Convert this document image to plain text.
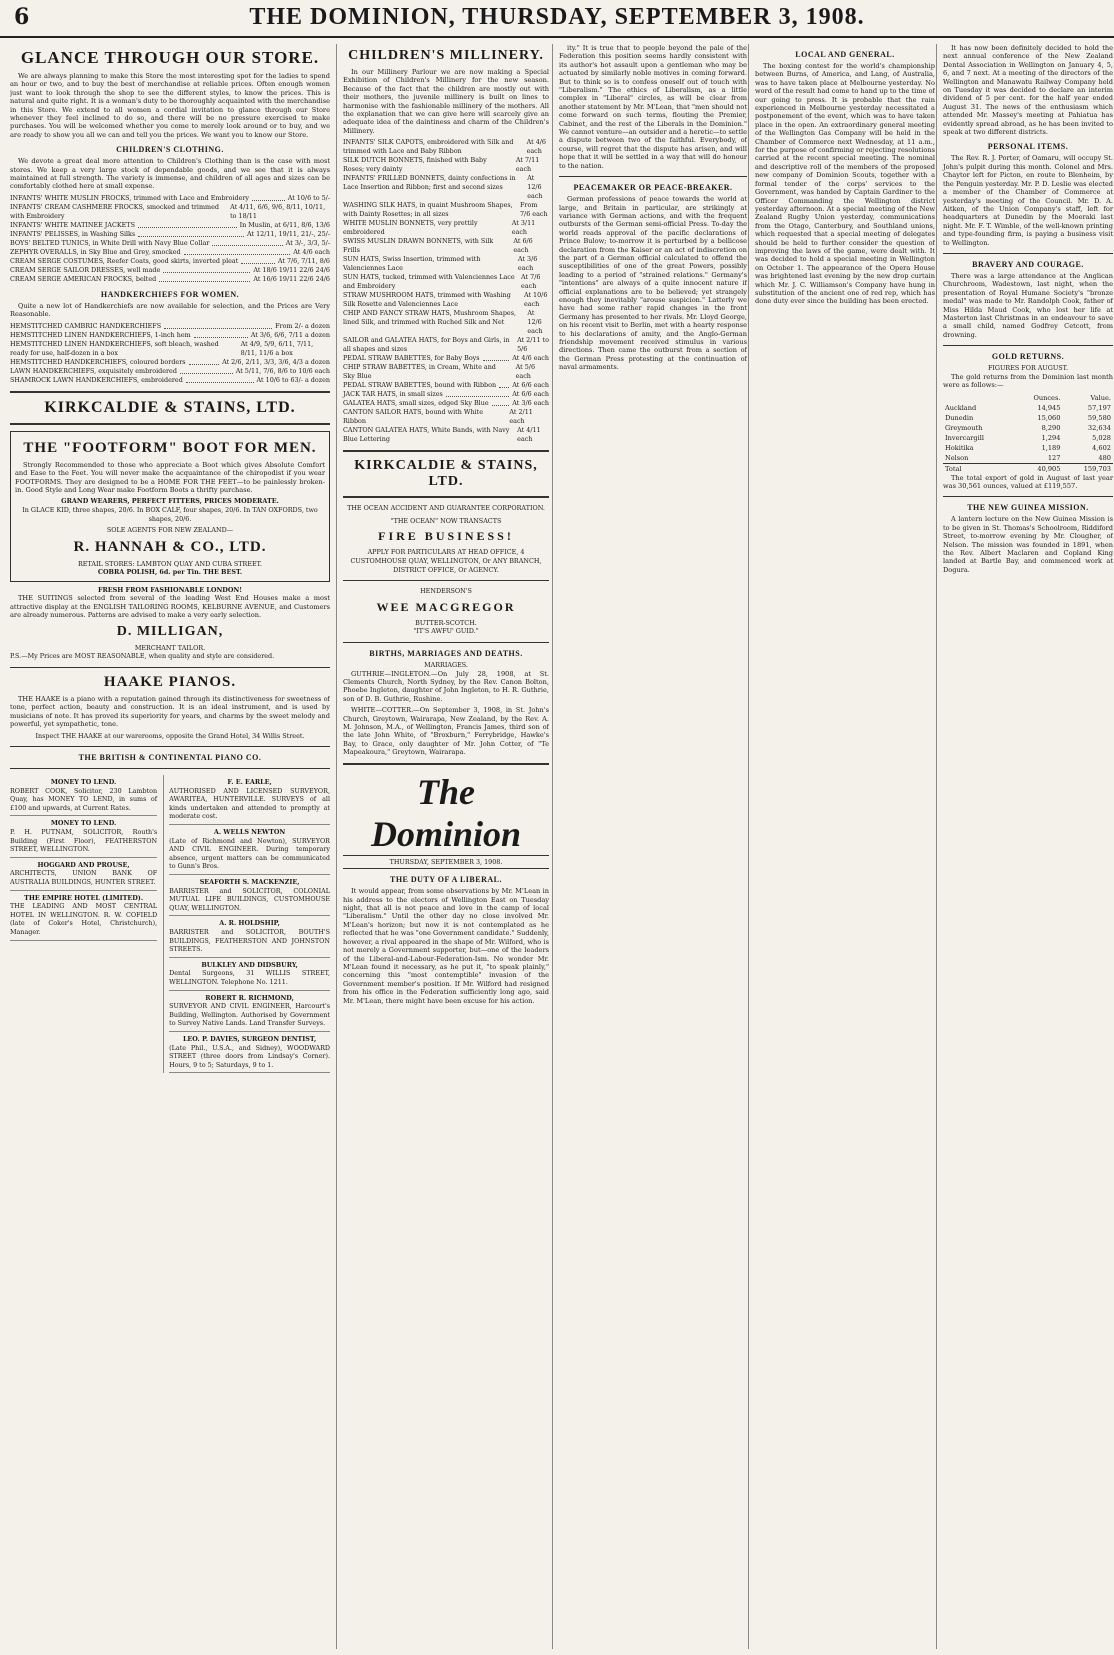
6	THE DOMINION, THURSDAY, SEPTEMBER 3, 1908.
GLANCE THROUGH OUR STORE.

We are always planning to make this Store the most interesting spot for the ladies to spend an hour or two, and to buy the best of merchandise at reliable prices. Often enough women just want to look through the shop to see the different styles, to know the prices. This is natural and quite right. It is a woman's duty to be thoroughly acquainted with the merchandise in this Store. We extend to all women a cordial invitation to glance through our Store whenever they feel inclined to do so, and there will be no pressure exercised to make purchases. You will be welcomed whether you come to merely look around or to buy, and we are ready to show you all we can and tell you the prices. We want you to know our Store.

CHILDREN'S CLOTHING.

We devote a great deal more attention to Children's Clothing than is the case with most stores. We keep a very large stock of dependable goods, and we see that it is always maintained at full strength. The variety is immense, and children of all ages and sizes can be comfortably clothed here at small expense.

INFANTS' WHITE MUSLIN FROCKS, trimmed with Lace and Embroidery	At 10/6 to 5/-
INFANTS' CREAM CASHMERE FROCKS, smocked and trimmed with Embroidery
At 4/11, 6/6, 9/6, 8/11, 10/11, to 18/11
INFANTS' WHITE MATINEE JACKETS	In Muslin, at 6/11, 8/6, 13/6
INFANTS' PELISSES, in Washing Silks	At 12/11, 19/11, 21/-, 25/-
BOYS' BELTED TUNICS, in White Drill with Navy Blue Collar	At 3/-, 3/3, 5/-
ZEPHYR OVERALLS, in Sky Blue and Grey, smocked	At 4/6 each
CREAM SERGE COSTUMES, Reefer Coats, good skirts, inverted pleat	At 7/6, 7/11, 8/6
CREAM SERGE SAILOR DRESSES, well made	At 18/6 19/11 22/6 24/6
CREAM SERGE AMERICAN FROCKS, belted	At 16/6 19/11 22/6 24/6
HANDKERCHIEFS FOR WOMEN.

Quite a new lot of Handkerchiefs are now available for selection, and the Prices are Very Reasonable.

HEMSTITCHED CAMBRIC HANDKERCHIEFS	From 2/- a dozen
HEMSTITCHED LINEN HANDKERCHIEFS, 1-inch hem	At 3/6, 6/6, 7/11 a dozen
HEMSTITCHED LINEN HANDKERCHIEFS, soft bleach, washed ready for use, half-dozen in a box
At 4/9, 5/9, 6/11, 7/11, 8/11, 11/6 a box
HEMSTITCHED HANDKERCHIEFS, coloured borders	At 2/6, 2/11, 3/3, 3/6, 4/3 a dozen
LAWN HANDKERCHIEFS, exquisitely embroidered	At 5/11, 7/6, 8/6 to 10/6 each
SHAMROCK LAWN HANDKERCHIEFS, embroidered	At 10/6 to 63/- a dozen
KIRKCALDIE & STAINS, LTD.
THE "FOOTFORM" BOOT FOR MEN.

Strongly Recommended to those who appreciate a Boot which gives Absolute Comfort and Ease to the Feet. You will never make the acquaintance of the chiropodist if you wear FOOTFORMS. They are designed to be a HOME FOR THE FEET—to be painlessly broken-in. Good Style and Long Wear make Footform Boots a thrifty purchase.

GRAND WEARERS, PERFECT FITTERS, PRICES MODERATE.
In GLACE KID, three shapes, 20/6. In BOX CALF, four shapes, 20/6. In TAN OXFORDS, two shapes, 20/6.
SOLE AGENTS FOR NEW ZEALAND—
R. HANNAH & CO., LTD.
RETAIL STORES: LAMBTON QUAY AND CUBA STREET.
COBRA POLISH, 6d. per Tin. THE BEST.
FRESH FROM FASHIONABLE LONDON!

THE SUITINGS selected from several of the leading West End Houses make a most attractive display at the ENGLISH TAILORING ROOMS, KELBURNE AVENUE, and Customers are already numerous. Patterns are advised to make a very early selection.

D. MILLIGAN,
MERCHANT TAILOR.
P.S.—My Prices are MOST REASONABLE, when quality and style are considered.
HAAKE PIANOS.

THE HAAKE is a piano with a reputation gained through its distinctiveness for sweetness of tone, perfect action, beauty and construction. It is an ideal instrument, and is used by musicians of note. It has proved its superiority for years, and charms by the sweet melody and powerful, yet sympathetic, tone.

Inspect THE HAAKE at our warerooms, opposite the Grand Hotel, 34 Willis Street.
THE BRITISH & CONTINENTAL PIANO CO.
MONEY TO LEND.
ROBERT COOK, Solicitor, 230 Lambton Quay, has MONEY TO LEND, in sums of £100 and upwards, at Current Rates.
MONEY TO LEND.
P. H. PUTNAM, SOLICITOR, Routh's Building (First Floor), FEATHERSTON STREET, WELLINGTON.
HOGGARD AND PROUSE,
ARCHITECTS, UNION BANK OF AUSTRALIA BUILDINGS, HUNTER STREET.
THE EMPIRE HOTEL (LIMITED).
THE LEADING AND MOST CENTRAL HOTEL IN WELLINGTON. R. W. COFIELD (late of Coker's Hotel, Christchurch), Manager.
F. E. EARLE,
AUTHORISED AND LICENSED SURVEYOR, AWARITEA, HUNTERVILLE. SURVEYS of all kinds undertaken and attended to promptly at moderate cost.
A. WELLS NEWTON
(Late of Richmond and Newton), SURVEYOR AND CIVIL ENGINEER. During temporary absence, urgent matters can be communicated to Gunn's Bros.
SEAFORTH S. MACKENZIE,
BARRISTER and SOLICITOR, COLONIAL MUTUAL LIFE BUILDINGS, CUSTOMHOUSE QUAY, WELLINGTON.
A. R. HOLDSHIP,
BARRISTER and SOLICITOR, BOUTH'S BUILDINGS, FEATHERSTON AND JOHNSTON STREETS.
BULKLEY AND DIDSBURY,
Dental Surgeons, 31 WILLIS STREET, WELLINGTON. Telephone No. 1211.
ROBERT R. RICHMOND,
SURVEYOR AND CIVIL ENGINEER, Harcourt's Building, Wellington. Authorised by Government to Survey Native Lands. Land Transfer Surveys.
LEO. P. DAVIES, SURGEON DENTIST,
(Late Phil., U.S.A., and Sidney), WOODWARD STREET (three doors from Lindsay's Corner). Hours, 9 to 5; Saturdays, 9 to 1.
CHILDREN'S MILLINERY.

In our Millinery Parlour we are now making a Special Exhibition of Children's Millinery for the new season. Because of the fact that the children are mostly out with their mothers, the juvenile millinery is built on lines to harmonise with the fashionable millinery of the mothers. All the explanation that we can give here will scarcely give an adequate idea of the daintiness and charm of the Children's Millinery.

INFANTS' SILK CAPOTS, embroidered with Silk and trimmed with Lace and Baby Ribbon
At 4/6 each
SILK DUTCH BONNETS, finished with Baby Roses; very dainty
At 7/11 each
INFANTS' FRILLED BONNETS, dainty confections in Lace Insertion and Ribbon; first and second sizes
At 12/6 each
WASHING SILK HATS, in quaint Mushroom Shapes, with Dainty Rosettes; in all sizes
From 7/6 each
WHITE MUSLIN BONNETS, very prettily embroidered
At 3/11 each
SWISS MUSLIN DRAWN BONNETS, with Silk Frills
At 6/6 each
SUN HATS, Swiss Insertion, trimmed with Valenciennes Lace
At 3/6 each
SUN HATS, tucked, trimmed with Valenciennes Lace and Embroidery
At 7/6 each
STRAW MUSHROOM HATS, trimmed with Washing Silk Rosette and Valenciennes Lace
At 10/6 each
CHIP AND FANCY STRAW HATS, Mushroom Shapes, lined Silk, and trimmed with Ruched Silk and Net
At 12/6 each
SAILOR and GALATEA HATS, for Boys and Girls, in all shapes and sizes
At 2/11 to 5/6
PEDAL STRAW BABETTES, for Baby Boys	At 4/6 each
CHIP STRAW BABETTES, in Cream, White and Sky Blue
At 5/6 each
PEDAL STRAW BABETTES, bound with Ribbon	At 6/6 each
JACK TAR HATS, in small sizes	At 6/6 each
GALATEA HATS, small sizes, edged Sky Blue	At 3/6 each
CANTON SAILOR HATS, bound with White Ribbon
At 2/11 each
CANTON GALATEA HATS, White Bands, with Navy Blue Lettering
At 4/11 each
KIRKCALDIE & STAINS, LTD.
THE OCEAN ACCIDENT AND GUARANTEE CORPORATION.
"THE OCEAN" NOW TRANSACTS
FIRE BUSINESS!
APPLY FOR PARTICULARS AT HEAD OFFICE, 4 CUSTOMHOUSE QUAY, WELLINGTON, Or ANY BRANCH, DISTRICT OFFICE, Or AGENCY.
HENDERSON'S
WEE MACGREGOR
BUTTER-SCOTCH.
"IT'S AWFU' GUID."
BIRTHS, MARRIAGES AND DEATHS.
MARRIAGES.

GUTHRIE—INGLETON.—On July 28, 1908, at St. Clements Church, North Sydney, by the Rev. Canon Bolton, Phoebe Ingleton, daughter of John Ingleton, to H. R. Guthrie, son of D. B. Guthrie, Rushine.

WHITE—COTTER.—On September 3, 1908, in St. John's Church, Greytown, Wairarapa, New Zealand, by the Rev. A. M. Johnson, M.A., of Wellington, Francis James, third son of the late John White, of "Broxburn," Ferrybridge, Hawke's Bay, to Grace, only daughter of Mr. John Cotter, of "Te Mapeakoura," Greytown, Wairarapa.

The Dominion
THURSDAY, SEPTEMBER 3, 1908.
THE DUTY OF A LIBERAL.

It would appear, from some observations by Mr. M'Lean in his address to the electors of Wellington East on Tuesday night, that all is not peace and love in the camp of local "Liberalism." Until the other day no close involved Mr. M'Lean's horizon; but now it is not contemplated as he reflected that he was "one Government candidate." Suddenly, however, a rival appeared in the shape of Mr. Wilford, who is not merely a Government supporter, but—one of the leaders of the Liberal-and-Labour-Federation-Ism. No wonder Mr. M'Lean found it necessary, as he put it, "to speak plainly," concerning this "most contemptible" invasion of the Government member's position. If Mr. Wilford had resigned from his office in the Federation sufficiently long ago, said Mr. M'Lean, there might have been excuse for his action.

ity." It is true that to people beyond the pale of the Federation this position seems hardly consistent with its author's hot assault upon a gentleman who may be actuated by similarly noble motives in coming forward. But to think so is to confess oneself out of touch with "Liberalism." The ethics of Liberalism, as a little complex in "Liberal" circles, as will be clear from another statement by Mr. M'Lean, that "men should not come forward on such terms, flouting the Premier, Cabinet, and the rest of the Liberals in the Dominion." We cannot venture—an outsider and a heretic—to settle a dispute between two of the faithful. Everybody, of course, will regret that the dispute has arisen, and will hope that it will be settled in a way that will do honour to the nation.

PEACEMAKER OR PEACE-BREAKER.

German professions of peace towards the world at large, and Britain in particular, are strikingly at variance with German actions, and with the frequent outbursts of the German semi-official Press. To-day the world reads approval of the pacific declarations of Prince Bulow; to-morrow it is perturbed by a bellicose declaration from the Kaiser or an act of indiscretion on the part of a German official calculated to offend the susceptibilities of one of the great Powers, possibly leading to a period of "strained relations." Germany's "intentions" are always of a quite innocent nature if official explanations are to be believed; yet strangely enough they inevitably "arouse suspicion." Latterly we have had some rather rapid changes in the front Germany has presented to her rivals. Mr. Lloyd George, on his recent visit to Berlin, met with a hearty response to his declarations of amity, and the Anglo-German friendship movement received stimulus in various directions. Then came the outburst from a section of the German Press protesting at the continuation of naval armaments.

LOCAL AND GENERAL.

The boxing contest for the world's championship between Burns, of America, and Lang, of Australia, was to have taken place at Melbourne yesterday. No word of the result had come to hand up to the time of our going to press. It is probable that the rain experienced in Melbourne yesterday necessitated a postponement of the event, which was to have taken place in the open. An extraordinary general meeting of the Wellington Gas Company will be held in the Chamber of Commerce next Wednesday, at 11 a.m., for the purpose of confirming or rejecting resolutions carried at the recent special meeting. The nominal and descriptive roll of the members of the proposed new company of Dominion Scouts, together with a formal tender of the corps' services to the Government, was handed by Captain Gardiner to the Officer Commanding the Wellington district yesterday afternoon. At a special meeting of the New Zealand Rugby Union yesterday, communications from the Otago, Canterbury, and Southland unions, which requested that a special meeting of delegates should be held to further consider the question of improving the laws of the game, were dealt with. It was decided to hold a special meeting in Wellington on October 1. The appearance of the Opera House was brightened last evening by the new drop curtain which Mr. J. C. Williamson's Company have hung in substitution of the ancient one of red rep, which has done duty ever since the building has been erected.

It has now been definitely decided to hold the next annual conference of the New Zealand Dental Association in Wellington on January 4, 5, 6, and 7 next. At a meeting of the directors of the Wellington and Manawatu Railway Company held on Tuesday it was decided to declare an interim dividend of 5 per cent. for the half year ended August 31. The news of the enthusiasm which attended Mr. Massey's meeting at Pahiatua has evidently spread abroad, as he has been invited to speak at two different districts.

PERSONAL ITEMS.

The Rev. R. J. Porter, of Oamaru, will occupy St. John's pulpit during this month. Colonel and Mrs. Chaytor left for Picton, en route to Blenheim, by the Penguin yesterday. Mr. P. D. Leslie was elected a member of the Chamber of Commerce at yesterday's meeting of the Council. Mr. D. A. Aitken, of the Union Company's staff, left for headquarters at Dunedin by the Moeraki last night. Mr. F. T. Wimble, of the well-known printing and type-founding firm, is paying a business visit to Wellington.

BRAVERY AND COURAGE.

There was a large attendance at the Anglican Churchroom, Wadestown, last night, when the presentation of Royal Humane Society's "bronze medal" was made to Mr. Randolph Cook, father of Miss Hilda Maud Cook, who lost her life at Masterton last Christmas in an endeavour to save a small child, named Godfrey Cetcott, from drowning.

GOLD RETURNS.
FIGURES FOR AUGUST.

The gold returns from the Dominion last month were as follows:—

	Ounces.	Value.
Auckland	14,945	57,197
Dunedin	15,060	59,580
Greymouth	8,290	32,634
Invercargill	1,294	5,028
Hokitika	1,189	4,602
Nelson	127	480
Total	40,905	159,703

The total export of gold in August of last year was 30,561 ounces, valued at £119,557.

THE NEW GUINEA MISSION.

A lantern lecture on the New Guinea Mission is to be given in St. Thomas's Schoolroom, Riddiford Street, to-morrow evening by Mr. Clougher, of Nelson. The mission was founded in 1891, when the Rev. Albert Maclaren and Copland King landed at Bartle Bay, and commenced work at Dogura.
